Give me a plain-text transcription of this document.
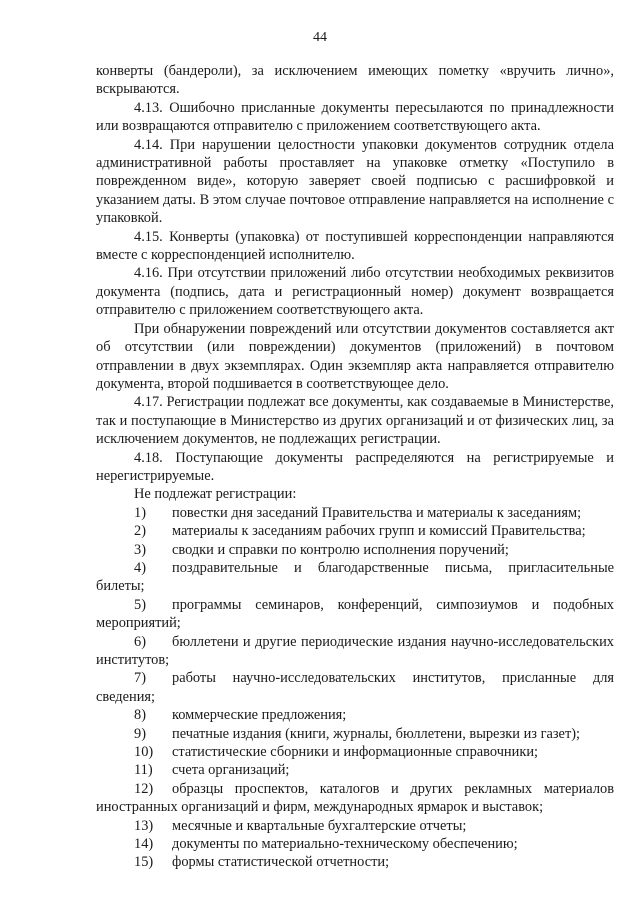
44

конверты (бандероли), за исключением имеющих пометку «вручить лично», вскрываются.

4.13. Ошибочно присланные документы пересылаются по принадлежности или возвращаются отправителю с приложением соответствующего акта.

4.14. При нарушении целостности упаковки документов сотрудник отдела административной работы проставляет на упаковке отметку «Поступило в поврежденном виде», которую заверяет своей подписью с расшифровкой и указанием даты. В этом случае почтовое отправление направляется на исполнение с упаковкой.

4.15. Конверты (упаковка) от поступившей корреспонденции направляются вместе с корреспонденцией исполнителю.

4.16. При отсутствии приложений либо отсутствии необходимых реквизитов документа (подпись, дата и регистрационный номер) документ возвращается отправителю с приложением соответствующего акта.

При обнаружении повреждений или отсутствии документов составляется акт об отсутствии (или повреждении) документов (приложений) в почтовом отправлении в двух экземплярах. Один экземпляр акта направляется отправителю документа, второй подшивается в соответствующее дело.

4.17. Регистрации подлежат все документы, как создаваемые в Министерстве, так и поступающие в Министерство из других организаций и от физических лиц, за исключением документов, не подлежащих регистрации.

4.18. Поступающие документы распределяются на регистрируемые и нерегистрируемые.

Не подлежат регистрации:

1) повестки дня заседаний Правительства и материалы к заседаниям;

2) материалы к заседаниям рабочих групп и комиссий Правительства;

3) сводки и справки по контролю исполнения поручений;

4) поздравительные и благодарственные письма, пригласительные билеты;

5) программы семинаров, конференций, симпозиумов и подобных мероприятий;

6) бюллетени и другие периодические издания научно-исследовательских институтов;

7) работы научно-исследовательских институтов, присланные для сведения;

8) коммерческие предложения;

9) печатные издания (книги, журналы, бюллетени, вырезки из газет);

10) статистические сборники и информационные справочники;

11) счета организаций;

12) образцы проспектов, каталогов и других рекламных материалов иностранных организаций и фирм, международных ярмарок и выставок;

13) месячные и квартальные бухгалтерские отчеты;

14) документы по материально-техническому обеспечению;

15) формы статистической отчетности;
